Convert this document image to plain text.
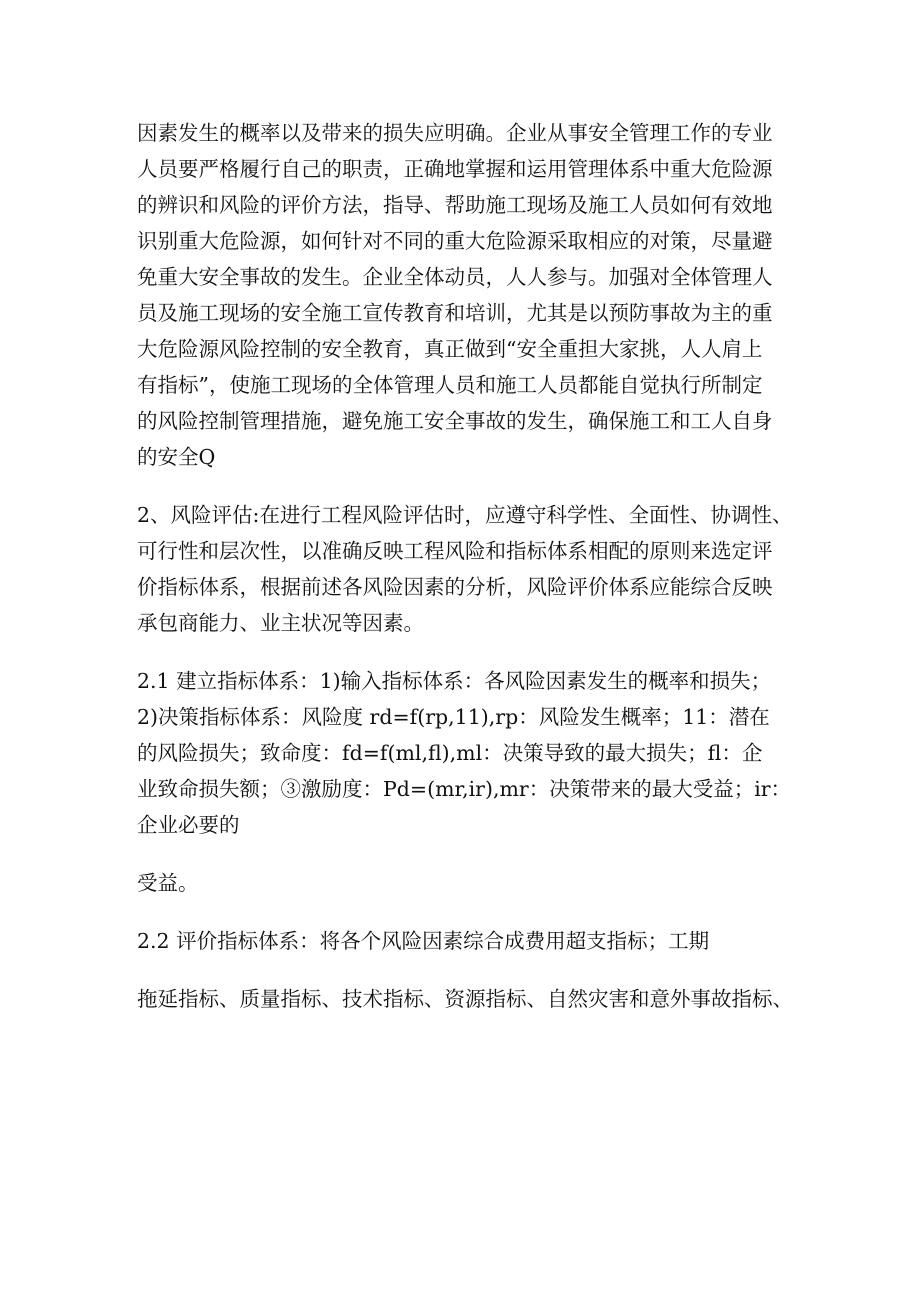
因素发生的概率以及带来的损失应明确。企业从事安全管理工作的专业
人员要严格履行自己的职责，正确地掌握和运用管理体系中重大危险源
的辨识和风险的评价方法，指导、帮助施工现场及施工人员如何有效地
识别重大危险源，如何针对不同的重大危险源采取相应的对策，尽量避
免重大安全事故的发生。企业全体动员，人人参与。加强对全体管理人
员及施工现场的安全施工宣传教育和培训，尤其是以预防事故为主的重
大危险源风险控制的安全教育，真正做到“安全重担大家挑，人人肩上
有指标”，使施工现场的全体管理人员和施工人员都能自觉执行所制定
的风险控制管理措施，避免施工安全事故的发生，确保施工和工人自身
的安全Q
2、风险评估:在进行工程风险评估时，应遵守科学性、全面性、协调性、
可行性和层次性，以准确反映工程风险和指标体系相配的原则来选定评
价指标体系，根据前述各风险因素的分析，风险评价体系应能综合反映
承包商能力、业主状况等因素。
2.1 建立指标体系：1)输入指标体系：各风险因素发生的概率和损失；
2)决策指标体系：风险度 rd=f(rp,11),rp：风险发生概率；11：潜在
的风险损失；致命度：fd=f(ml,fl),ml：决策导致的最大损失；fl：企
业致命损失额；③激励度：Pd=(mr,ir),mr：决策带来的最大受益；ir：
企业必要的
受益。
2.2 评价指标体系：将各个风险因素综合成费用超支指标；工期
拖延指标、质量指标、技术指标、资源指标、自然灾害和意外事故指标、
